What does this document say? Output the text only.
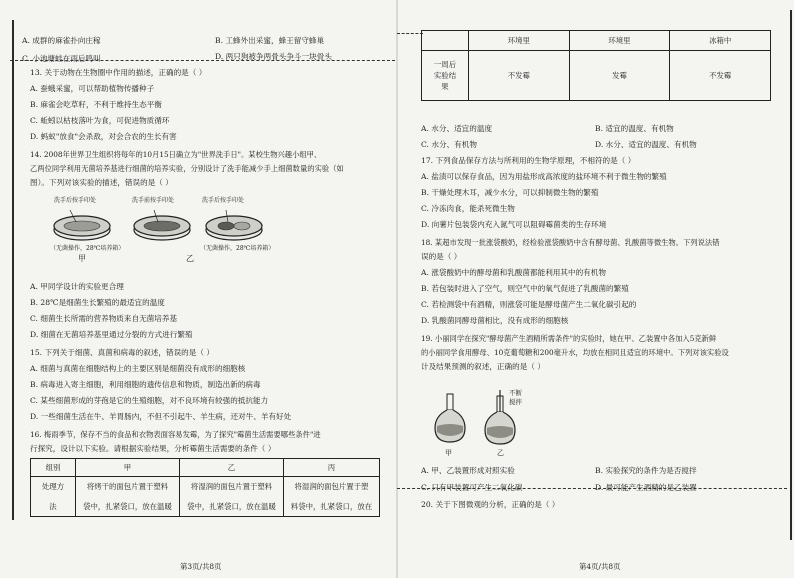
A. 成群的麻雀扑向庄稼	B. 工蜂外出采蜜，蜂王留守蜂巢
C. 小池塘蛙在雨后鸣叫	D. 两只狗被争两骨头争斗一块骨头
13. 关于动物在生物圈中作用的描述，正确的是（ ）
A. 蚕蛾采蜜，可以帮助植物传播种子
B. 麻雀会吃草籽，不利于维持生态平衡
C. 蚯蚓以枯枝落叶为食，可促进物质循环
D. 蚂蚁"放食"会杀敌，对会合农的生长有害
14. 2008年世界卫生组织将每年的10月15日确立为"世界洗手日"。某校生物兴趣小组甲、
乙两位同学利用无菌培养基进行细菌的培养实验，分别设计了洗手能减少手上细菌数量的实验（如
图）。下列对该实验的描述，错误的是（ ）
洗手后按手印处	洗手前按手印处	洗手后按手印处
（无菌操作，28℃培养箱）	（无菌操作，28℃培养箱）
甲	乙
A. 甲同学设计的实验更合理
B. 28℃是细菌生长繁殖的最适宜的温度
C. 细菌生长所需的营养物质来自无菌培养基
D. 细菌在无菌培养基里通过分裂的方式进行繁殖
15. 下列关于细菌、真菌和病毒的叙述，错误的是（ ）
A. 细菌与真菌在细胞结构上的主要区别是细菌没有成形的细胞核
B. 病毒进入寄主细胞，利用细胞的遗传信息和物质，制造出新的病毒
C. 某些细菌形成的芽孢是它的生殖细胞，对不良环境有较强的抵抗能力
D. 一些细菌生活在牛、羊胃肠内，不但不引起牛、羊生病，还对牛、羊有好处
16. 梅雨季节，保存不当的食品和衣物表面容易发霉，为了探究"霉菌生活需要哪些条件"进
行探究，设计以下实验。请根据实验结果，分析霉菌生活需要的条件（ ）
组别	甲	乙	丙
处理方	将烤干的面包片置于塑料	将湿润的面包片置于塑料	将湿润的面包片置于塑
法	袋中，扎紧袋口，放在温暖	袋中，扎紧袋口，放在温暖	料袋中，扎紧袋口，放在
第3页/共8页
	环境里	环境里	冰箱中

一周后
实验结
果	不发霉	发霉	不发霉
A. 水分、适宜的温度	B. 适宜的温度、有机物
C. 水分、有机物	D. 水分、适宜的温度、有机物
17. 下列食品保存方法与所利用的生物学原理，不相符的是（ ）
A. 盐渍可以保存食品，因为用盐形成高浓度的盐环境不利于微生物的繁殖
B. 干燥处理木耳，减少水分，可以抑制微生物的繁殖
C. 冷冻肉食，能杀死微生物
D. 向薯片包装袋内充入氮气可以阻碍霉菌类的生存环境
18. 某超市发现一批涨袋酸奶，经检验涨袋酸奶中含有酵母菌、乳酸菌等微生物。下列说法错
误的是（ ）
A. 涨袋酸奶中的酵母菌和乳酸菌都能利用其中的有机物
B. 若包装时进入了空气，则空气中的氧气促进了乳酸菌的繁殖
C. 若检测袋中有酒精，则涨袋可能是酵母菌产生二氧化碳引起的
D. 乳酸菌同酵母菌相比，没有成形的细胞核
19. 小丽同学在探究"酵母菌产生酒精所需条件"的实验时，她在甲、乙装置中各加入5克新鲜
的小丽同学食用酵母、10克葡萄糖和200毫升水，均放在相同且适宜的环境中。下列对该实验设
计及结果预测的叙述，正确的是（ ）
不断
搅拌
甲	乙
A. 甲、乙装置形成对照实验	B. 实验探究的条件为是否搅拌
C. 只有甲装置可产生二氧化碳	D. 最可能产生酒精的是乙装置
20. 关于下图微观的分析，正确的是（ ）
第4页/共8页
